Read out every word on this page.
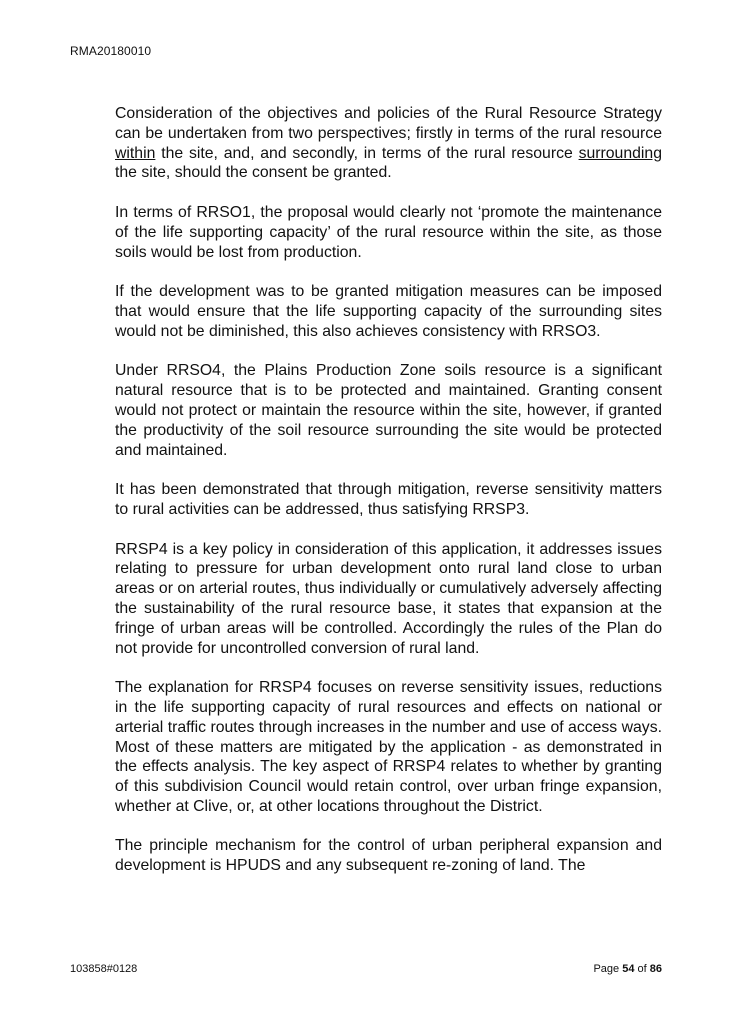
RMA20180010

Consideration of the objectives and policies of the Rural Resource Strategy can be undertaken from two perspectives; firstly in terms of the rural resource within the site, and, and secondly, in terms of the rural resource surrounding the site, should the consent be granted.

In terms of RRSO1, the proposal would clearly not ‘promote the maintenance of the life supporting capacity’ of the rural resource within the site, as those soils would be lost from production.

If the development was to be granted mitigation measures can be imposed that would ensure that the life supporting capacity of the surrounding sites would not be diminished, this also achieves consistency with RRSO3.

Under RRSO4, the Plains Production Zone soils resource is a significant natural resource that is to be protected and maintained. Granting consent would not protect or maintain the resource within the site, however, if granted the productivity of the soil resource surrounding the site would be protected and maintained.

It has been demonstrated that through mitigation, reverse sensitivity matters to rural activities can be addressed, thus satisfying RRSP3.

RRSP4 is a key policy in consideration of this application, it addresses issues relating to pressure for urban development onto rural land close to urban areas or on arterial routes, thus individually or cumulatively adversely affecting the sustainability of the rural resource base, it states that expansion at the fringe of urban areas will be controlled. Accordingly the rules of the Plan do not provide for uncontrolled conversion of rural land.

The explanation for RRSP4 focuses on reverse sensitivity issues, reductions in the life supporting capacity of rural resources and effects on national or arterial traffic routes through increases in the number and use of access ways. Most of these matters are mitigated by the application - as demonstrated in the effects analysis. The key aspect of RRSP4 relates to whether by granting of this subdivision Council would retain control, over urban fringe expansion, whether at Clive, or, at other locations throughout the District.

The principle mechanism for the control of urban peripheral expansion and development is HPUDS and any subsequent re-zoning of land. The

103858#0128	Page 54 of 86
